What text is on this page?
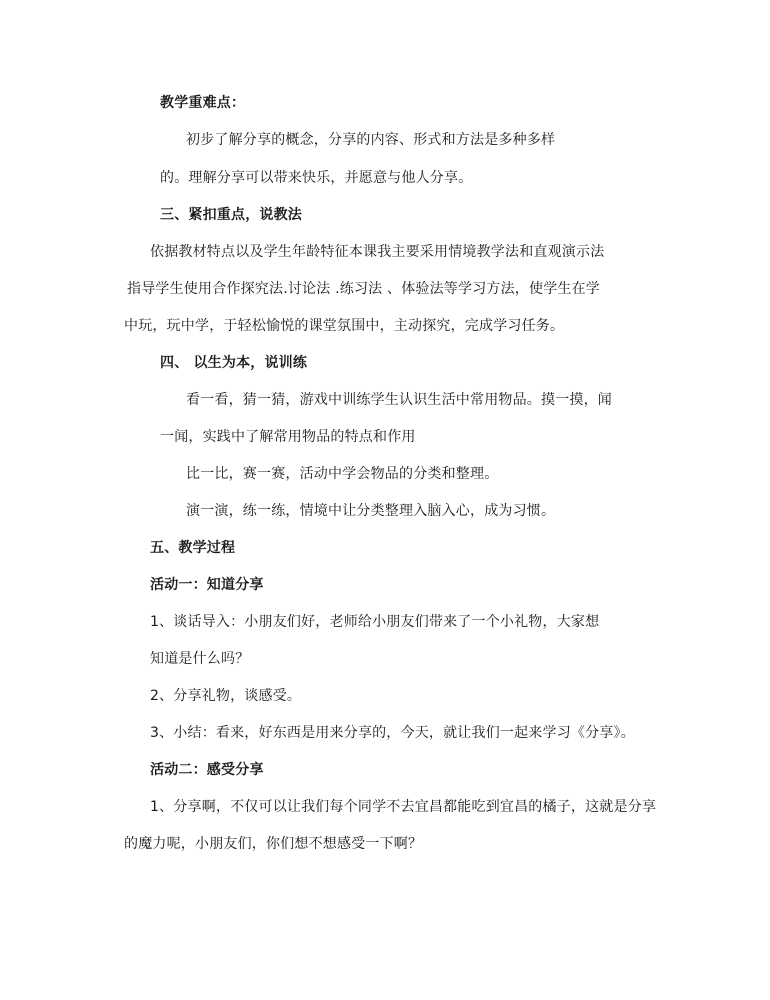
教学重难点：
初步了解分享的概念，分享的内容、形式和方法是多种多样
的。理解分享可以带来快乐，并愿意与他人分享。
三、紧扣重点，说教法
依据教材特点以及学生年龄特征本课我主要采用情境教学法和直观演示法
指导学生使用合作探究法.讨论法 .练习法 、体验法等学习方法，使学生在学
中玩，玩中学，于轻松愉悦的课堂氛围中，主动探究，完成学习任务。
四、 以生为本，说训练
看一看，猜一猜，游戏中训练学生认识生活中常用物品。摸一摸，闻
一闻，实践中了解常用物品的特点和作用
比一比，赛一赛，活动中学会物品的分类和整理。
演一演，练一练，情境中让分类整理入脑入心，成为习惯。
五、教学过程
活动一：知道分享
1、谈话导入：小朋友们好，老师给小朋友们带来了一个小礼物，大家想
知道是什么吗？
2、分享礼物，谈感受。
3、小结：看来，好东西是用来分享的，今天，就让我们一起来学习《分享》。
活动二：感受分享
1、分享啊，不仅可以让我们每个同学不去宜昌都能吃到宜昌的橘子，这就是分享
的魔力呢，小朋友们，你们想不想感受一下啊？
